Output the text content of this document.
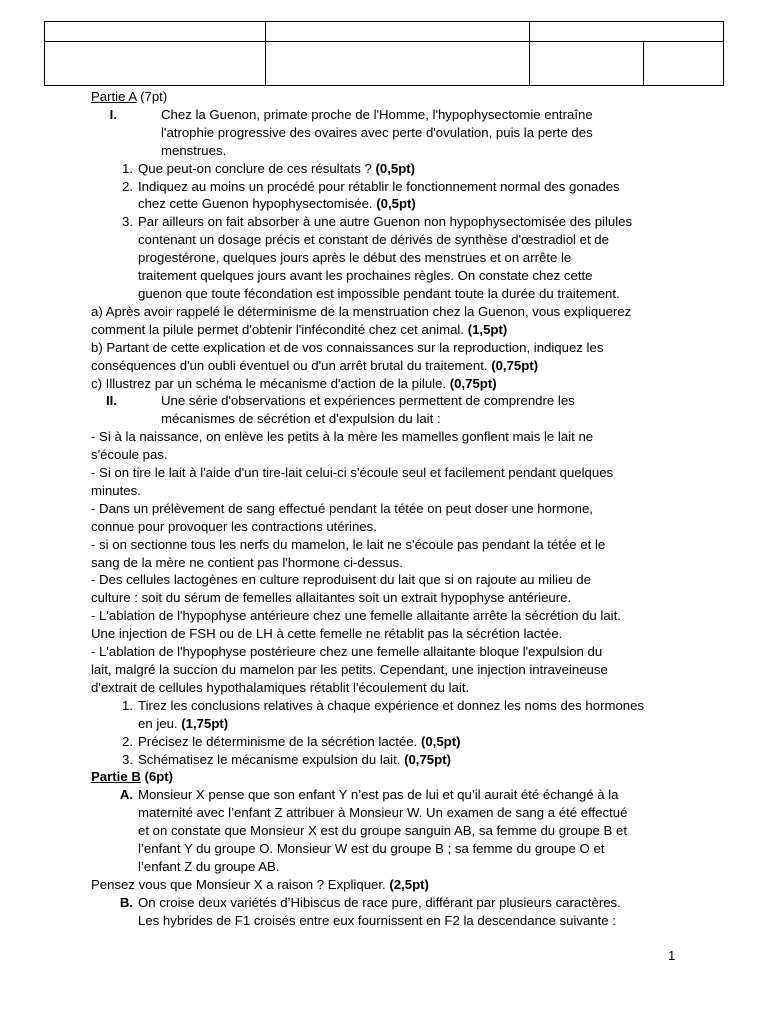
Partie A (7pt)
I.	Chez la Guenon, primate proche de l'Homme, l'hypophysectomie entraîne
l'atrophie progressive des ovaires avec perte d'ovulation, puis la perte des
menstrues.
1. Que peut-on conclure de ces résultats ? (0,5pt)
2. Indiquez au moins un procédé pour rétablir le fonctionnement normal des gonades
chez cette Guenon hypophysectomisée. (0,5pt)
3. Par ailleurs on fait absorber à une autre Guenon non hypophysectomisée des pilules
contenant un dosage précis et constant de dérivés de synthèse d'œstradiol et de
progestérone, quelques jours après le début des menstrues et on arrête le
traitement quelques jours avant les prochaines règles. On constate chez cette
guenon que toute fécondation est impossible pendant toute la durée du traitement.
a) Après avoir rappelé le déterminisme de la menstruation chez la Guenon, vous expliquerez
comment la pilule permet d'obtenir l'infécondité chez cet animal. (1,5pt)
b) Partant de cette explication et de vos connaissances sur la reproduction, indiquez les
conséquences d'un oubli éventuel ou d'un arrêt brutal du traitement. (0,75pt)
c) Illustrez par un schéma le mécanisme d'action de la pilule. (0,75pt)
II.	Une série d'observations et expériences permettent de comprendre les
mécanismes de sécrétion et d'expulsion du lait :
- Si à la naissance, on enlève les petits à la mère les mamelles gonflent mais le lait ne
s'écoule pas.
- Si on tire le lait à l'aide d'un tire-lait celui-ci s'écoule seul et facilement pendant quelques
minutes.
- Dans un prélèvement de sang effectué pendant la tétée on peut doser une hormone,
connue pour provoquer les contractions utérines.
- si on sectionne tous les nerfs du mamelon, le lait ne s'écoule pas pendant la tétée et le
sang de la mère ne contient pas l'hormone ci-dessus.
- Des cellules lactogènes en culture reproduisent du lait que si on rajoute au milieu de
culture : soit du sérum de femelles allaitantes soit un extrait hypophyse antérieure.
- L'ablation de l'hypophyse antérieure chez une femelle allaitante arrête la sécrétion du lait.
Une injection de FSH ou de LH à cette femelle ne rétablit pas la sécrétion lactée.
- L'ablation de l'hypophyse postérieure chez une femelle allaitante bloque l'expulsion du
lait, malgré la succion du mamelon par les petits. Cependant, une injection intraveineuse
d'extrait de cellules hypothalamiques rétablit l'écoulement du lait.
1. Tirez les conclusions relatives à chaque expérience et donnez les noms des hormones
en jeu. (1,75pt)
2. Précisez le déterminisme de la sécrétion lactée. (0,5pt)
3. Schématisez le mécanisme expulsion du lait. (0,75pt)
Partie B (6pt)
A. Monsieur X pense que son enfant Y n’est pas de lui et qu’il aurait été échangé à la
maternité avec l’enfant Z attribuer à Monsieur W. Un examen de sang a été effectué
et on constate que Monsieur X est du groupe sanguin AB, sa femme du groupe B et
l’enfant Y du groupe O. Monsieur W est du groupe B ; sa femme du groupe O et
l’enfant Z du groupe AB.
Pensez vous que Monsieur X a raison ? Expliquer. (2,5pt)
B. On croise deux variétés d’Hibiscus de race pure, différant par plusieurs caractères.
Les hybrides de F1 croisés entre eux fournissent en F2 la descendance suivante :
1
